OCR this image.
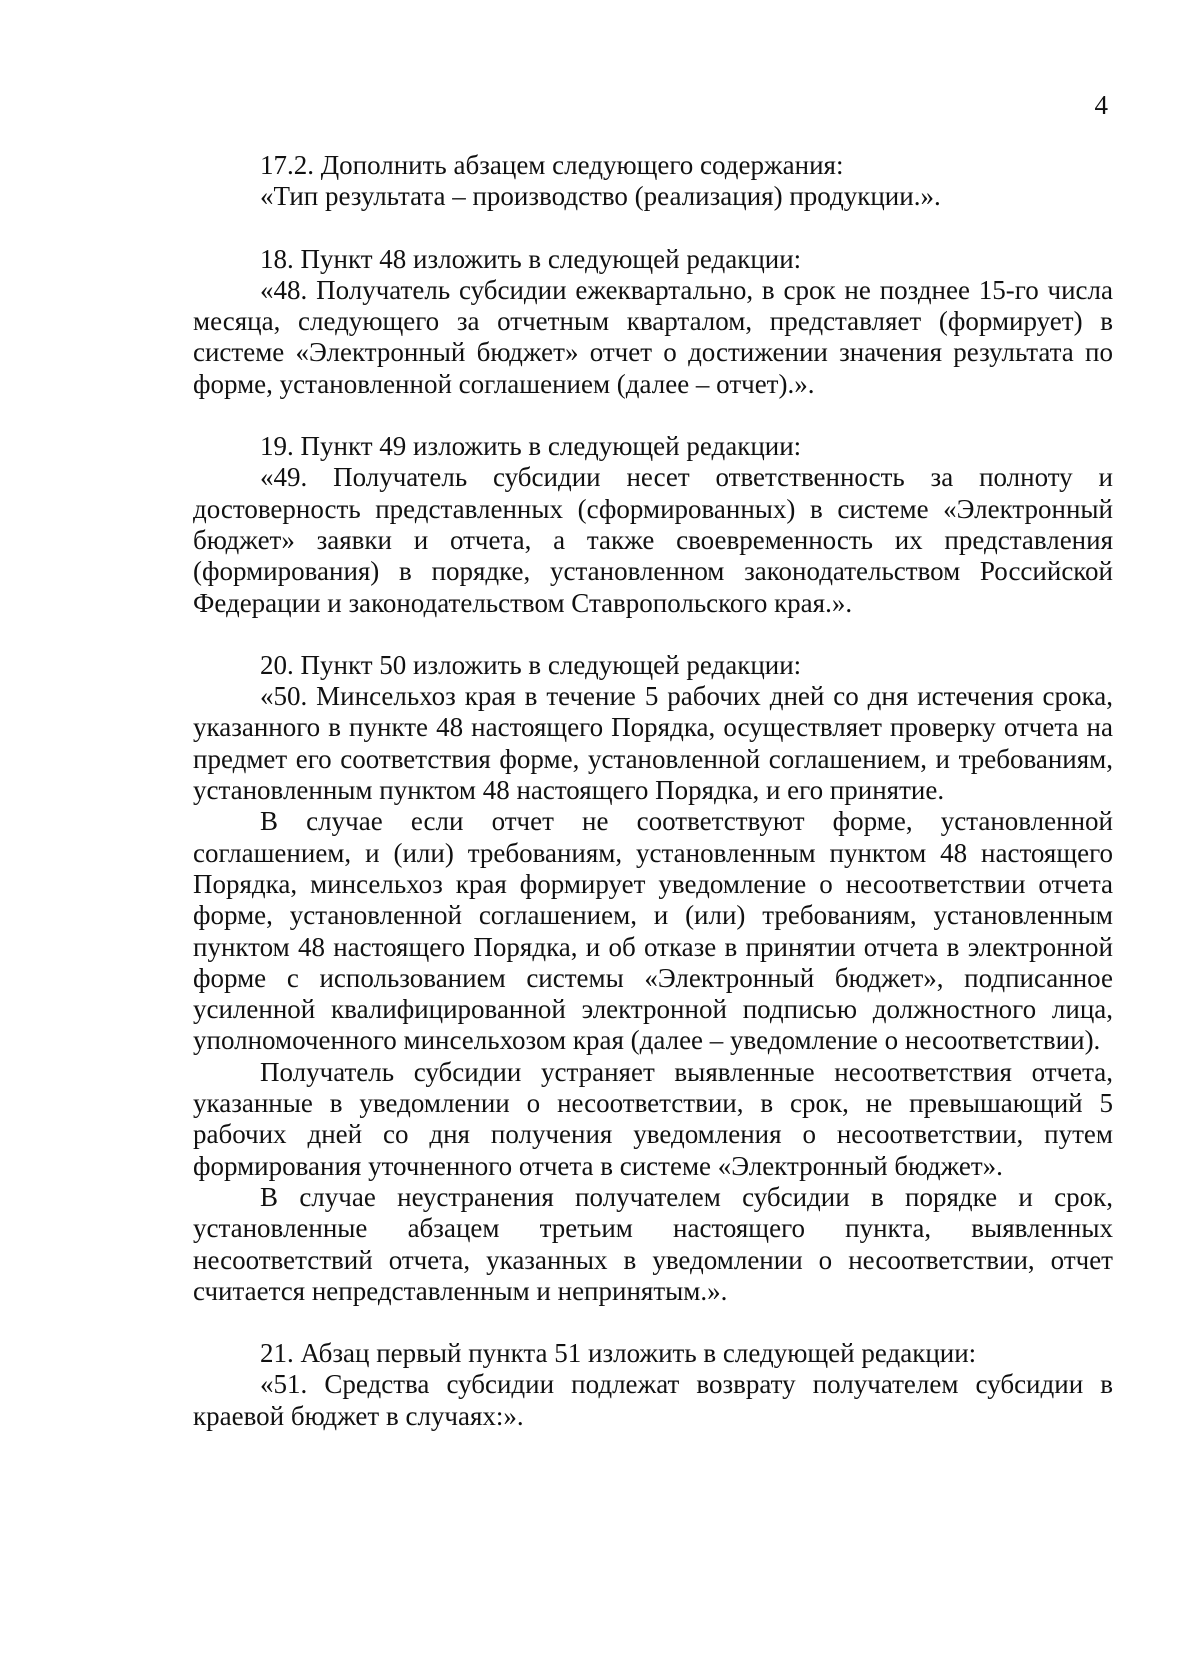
4

17.2. Дополнить абзацем следующего содержания:

«Тип результата – производство (реализация) продукции.».

18. Пункт 48 изложить в следующей редакции:

«48. Получатель субсидии ежеквартально, в срок не позднее 15-го числа месяца, следующего за отчетным кварталом, представляет (формирует) в системе «Электронный бюджет» отчет о достижении значения результата по форме, установленной соглашением (далее – отчет).».

19. Пункт 49 изложить в следующей редакции:

«49. Получатель субсидии несет ответственность за полноту и достоверность представленных (сформированных) в системе «Электронный бюджет» заявки и отчета, а также своевременность их представления (формирования) в порядке, установленном законодательством Российской Федерации и законодательством Ставропольского края.».

20. Пункт 50 изложить в следующей редакции:

«50. Минсельхоз края в течение 5 рабочих дней со дня истечения срока, указанного в пункте 48 настоящего Порядка, осуществляет проверку отчета на предмет его соответствия форме, установленной соглашением, и требованиям, установленным пунктом 48 настоящего Порядка, и его принятие.

В случае если отчет не соответствуют форме, установленной соглашением, и (или) требованиям, установленным пунктом 48 настоящего Порядка, минсельхоз края формирует уведомление о несоответствии отчета форме, установленной соглашением, и (или) требованиям, установленным пунктом 48 настоящего Порядка, и об отказе в принятии отчета в электронной форме с использованием системы «Электронный бюджет», подписанное усиленной квалифицированной электронной подписью должностного лица, уполномоченного минсельхозом края (далее – уведомление о несоответствии).

Получатель субсидии устраняет выявленные несоответствия отчета, указанные в уведомлении о несоответствии, в срок, не превышающий 5 рабочих дней со дня получения уведомления о несоответствии, путем формирования уточненного отчета в системе «Электронный бюджет».

В случае неустранения получателем субсидии в порядке и срок, установленные абзацем третьим настоящего пункта, выявленных несоответствий отчета, указанных в уведомлении о несоответствии, отчет считается непредставленным и непринятым.».

21. Абзац первый пункта 51 изложить в следующей редакции:

«51. Средства субсидии подлежат возврату получателем субсидии в краевой бюджет в случаях:».
